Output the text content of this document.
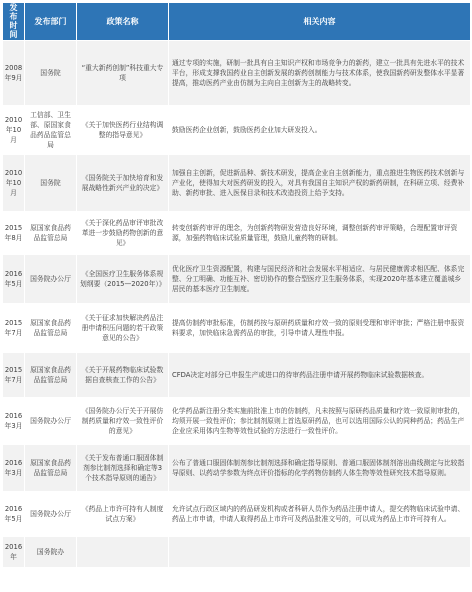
发布时间	发布部门	政策名称	相关内容
2008年9月	国务院	“重大新药创制”科技重大专项	通过专项的实施，研制一批具有自主知识产权和市场竞争力的新药，建立一批具有先进水平的技术平台，形成支撑我国药业自主创新发展的新药创制能力与技术体系，使我国新药研发整体水平显著提高，推动医药产业由仿制为主向自主创新为主的战略转变。
2010年10月	工信部、卫生部、原国家食品药品监管总局	《关于加快医药行业结构调整的指导意见》	鼓励医药企业创新，鼓励医药企业加大研发投入。
2010年10月	国务院	《国务院关于加快培育和发展战略性新兴产业的决定》	加强自主创新，促进新品种、新技术研发，提高企业自主创新能力，重点推进生物医药技术创新与产业化，使得加大对医药研发的投入，对具有我国自主知识产权的新药研制，在科研立项、经费补助、新药审批、进入医保目录和技术改造投资上给予支持。
2015年8月	原国家食品药品监管总局	《关于深化药品审评审批改革进一步鼓励药物创新的意见》	转变创新药审评的理念，为创新药物研发营造良好环境，调整创新药审评策略，合理配置审评资源，加强药物临床试验质量管理，鼓励儿童药物的研制。
2016年5月	国务院办公厅	《全国医疗卫生服务体系规划纲要（2015—2020年）》	优化医疗卫生资源配置，构建与国民经济和社会发展水平相适应、与居民健康需求相匹配、体系完整、分工明确、功能互补、密切协作的整合型医疗卫生服务体系，实现2020年基本建立覆盖城乡居民的基本医疗卫生制度。
2015年7月	原国家食品药品监管总局	《关于征求加快解决药品注册申请积压问题的若干政策意见的公告》	提高仿制药审批标准，仿制药按与原研药质量和疗效一致的原则受理和审评审批；严格注册申报资料要求，加快临床急需药品的审批，引导申请人理性申报。
2015年7月	原国家食品药品监管总局	《关于开展药物临床试验数据自查核查工作的公告》	CFDA决定对部分已申报生产或进口的待审药品注册申请开展药物临床试验数据核查。
2016年3月	国务院办公厅	《国务院办公厅关于开展仿制药质量和疗效一致性评价的意见》	化学药品新注册分类实施前批准上市的仿制药，凡未按照与原研药品质量和疗效一致原则审批的，均须开展一致性评价；参比制剂原则上首选原研药品，也可以选用国际公认的同种药品；药品生产企业应采用体内生物等效性试验的方法进行一致性评价。
2016年3月	原国家食品药品监管总局	《关于发布普通口服固体制剂参比制剂选择和确定等3个技术指导原则的通告》	公布了普通口服固体制剂参比制剂选择和确定指导原则、普通口服固体制剂溶出曲线测定与比较指导原则、以药动学参数为终点评价指标的化学药物仿制药人体生物等效性研究技术指导原则。
2016年5月	国务院办公厅	《药品上市许可持有人制度试点方案》	允许试点行政区域内的药品研发机构或者科研人员作为药品注册申请人，提交药物临床试验申请、药品上市申请，申请人取得药品上市许可及药品批准文号的，可以成为药品上市许可持有人。
2016年	国务院办		
